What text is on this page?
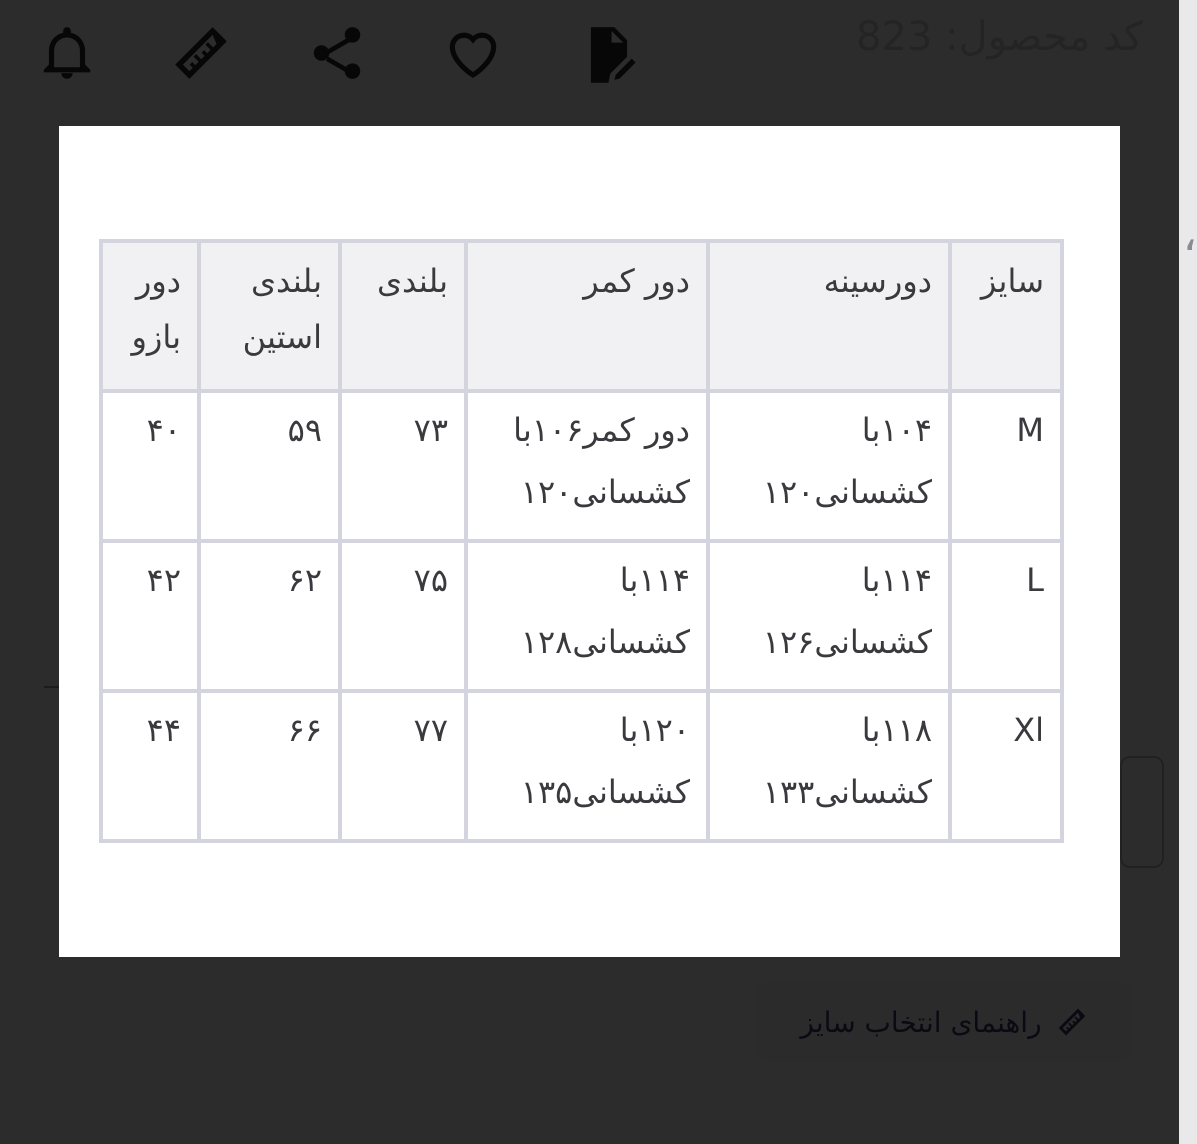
،
سایز	دورسینه	دور کمر	بلندی	بلندی استین	دور بازو

M	۱۰۴با کشسانی۱۲۰	دور کمر۱۰۶با کشسانی۱۲۰	۷۳	۵۹	۴۰

L	۱۱۴با کشسانی۱۲۶	۱۱۴با کشسانی۱۲۸	۷۵	۶۲	۴۲

Xl	۱۱۸با کشسانی۱۳۳	۱۲۰با کشسانی۱۳۵	۷۷	۶۶	۴۴
